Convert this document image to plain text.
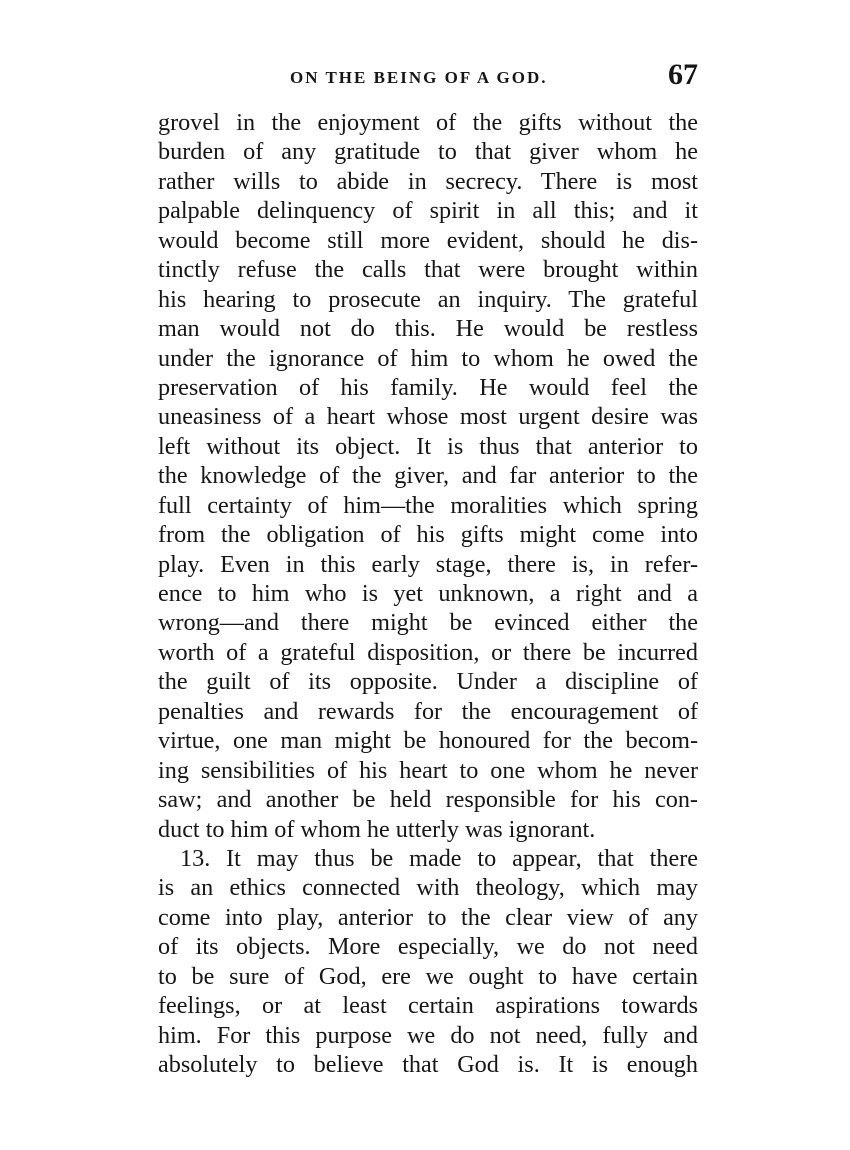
ON THE BEING OF A GOD.	67
grovel in the enjoyment of the gifts without the
burden of any gratitude to that giver whom he
rather wills to abide in secrecy. There is most
palpable delinquency of spirit in all this; and it
would become still more evident, should he dis-
tinctly refuse the calls that were brought within
his hearing to prosecute an inquiry. The grateful
man would not do this. He would be restless
under the ignorance of him to whom he owed the
preservation of his family. He would feel the
uneasiness of a heart whose most urgent desire was
left without its object. It is thus that anterior to
the knowledge of the giver, and far anterior to the
full certainty of him—the moralities which spring
from the obligation of his gifts might come into
play. Even in this early stage, there is, in refer-
ence to him who is yet unknown, a right and a
wrong—and there might be evinced either the
worth of a grateful disposition, or there be incurred
the guilt of its opposite. Under a discipline of
penalties and rewards for the encouragement of
virtue, one man might be honoured for the becom-
ing sensibilities of his heart to one whom he never
saw; and another be held responsible for his con-
duct to him of whom he utterly was ignorant.
13. It may thus be made to appear, that there
is an ethics connected with theology, which may
come into play, anterior to the clear view of any
of its objects. More especially, we do not need
to be sure of God, ere we ought to have certain
feelings, or at least certain aspirations towards
him. For this purpose we do not need, fully and
absolutely to believe that God is. It is enough
